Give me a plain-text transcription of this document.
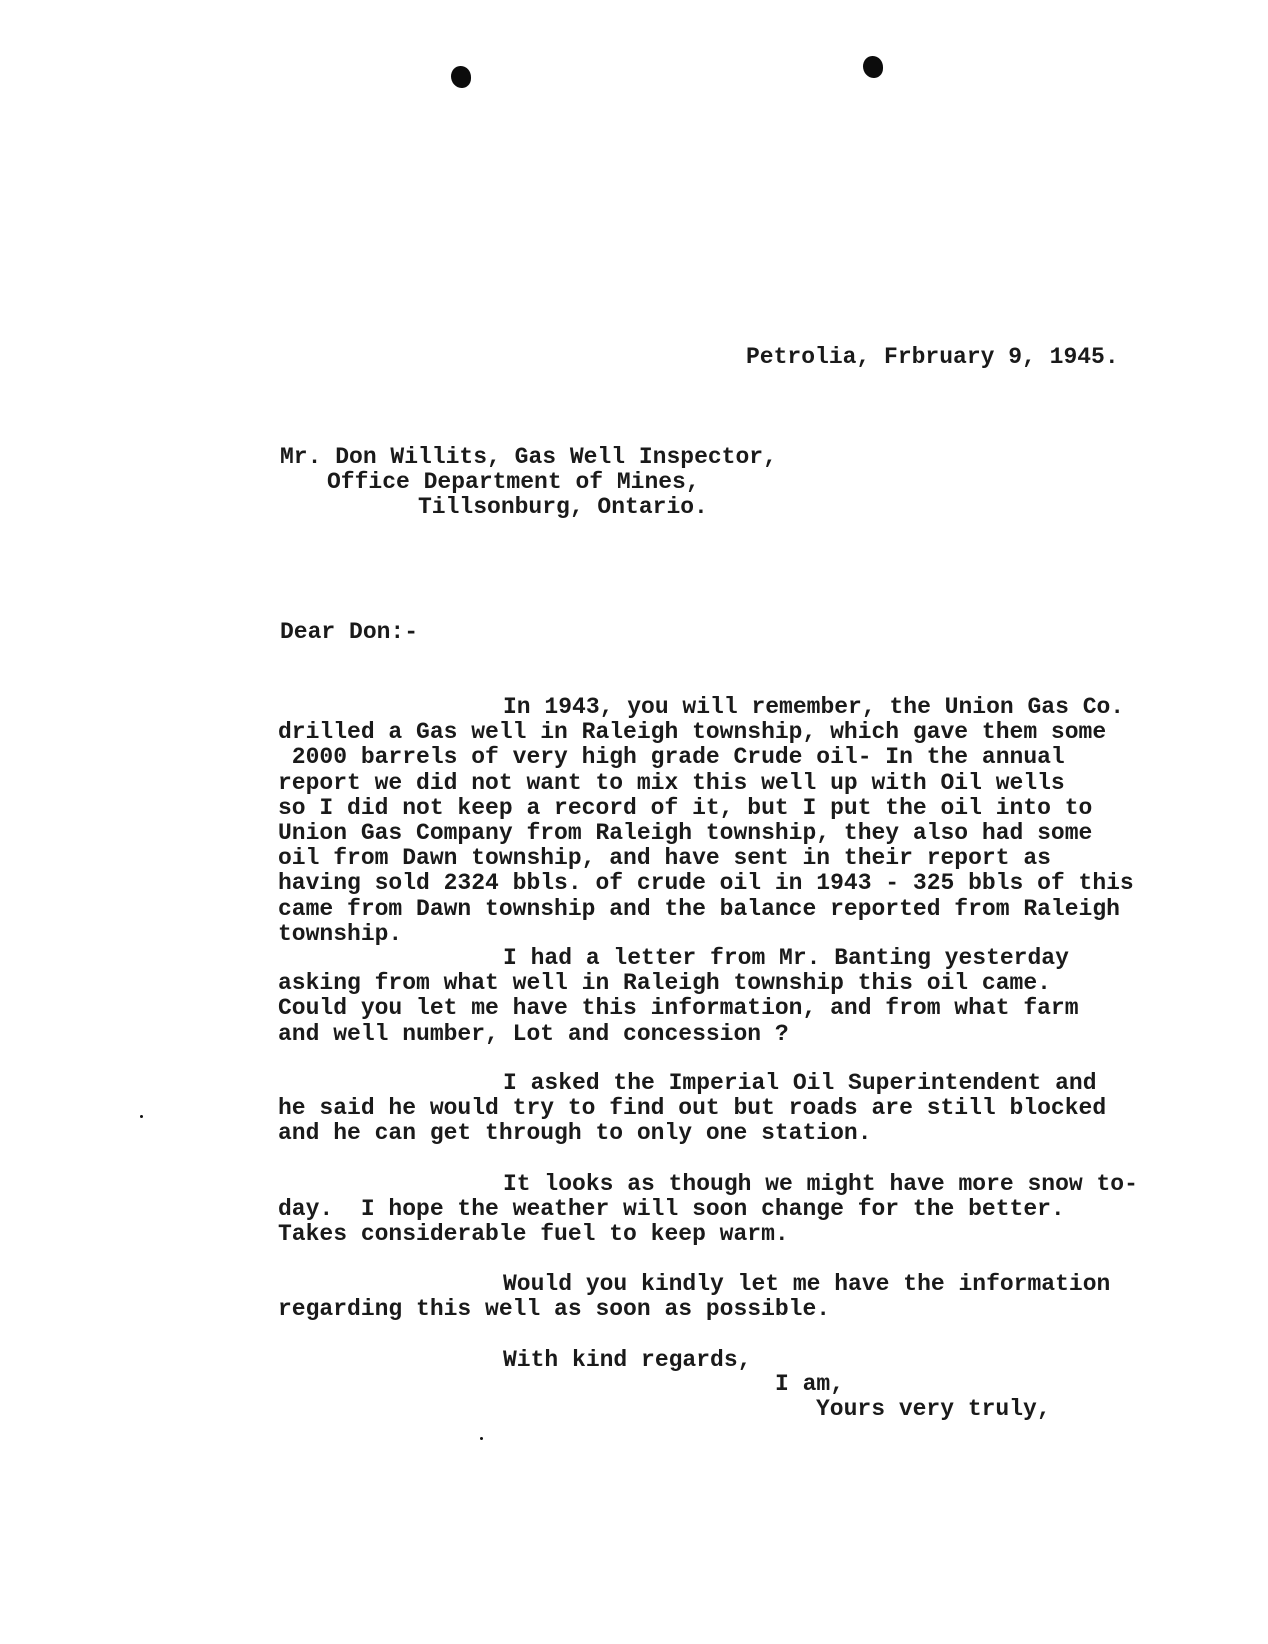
Petrolia, Frbruary 9, 1945.
Mr. Don Willits, Gas Well Inspector,
Office Department of Mines,
Tillsonburg, Ontario.
Dear Don:-
In 1943, you will remember, the Union Gas Co.
drilled a Gas well in Raleigh township, which gave them some
2000 barrels of very high grade Crude oil- In the annual
report we did not want to mix this well up with Oil wells
so I did not keep a record of it, but I put the oil into to
Union Gas Company from Raleigh township, they also had some
oil from Dawn township, and have sent in their report as
having sold 2324 bbls. of crude oil in 1943 - 325 bbls of this
came from Dawn township and the balance reported from Raleigh
township.
I had a letter from Mr. Banting yesterday
asking from what well in Raleigh township this oil came.
Could you let me have this information, and from what farm
and well number, Lot and concession ?
I asked the Imperial Oil Superintendent and
he said he would try to find out but roads are still blocked
and he can get through to only one station.
It looks as though we might have more snow to-
day.  I hope the weather will soon change for the better.
Takes considerable fuel to keep warm.
Would you kindly let me have the information
regarding this well as soon as possible.
With kind regards,
I am,
Yours very truly,
